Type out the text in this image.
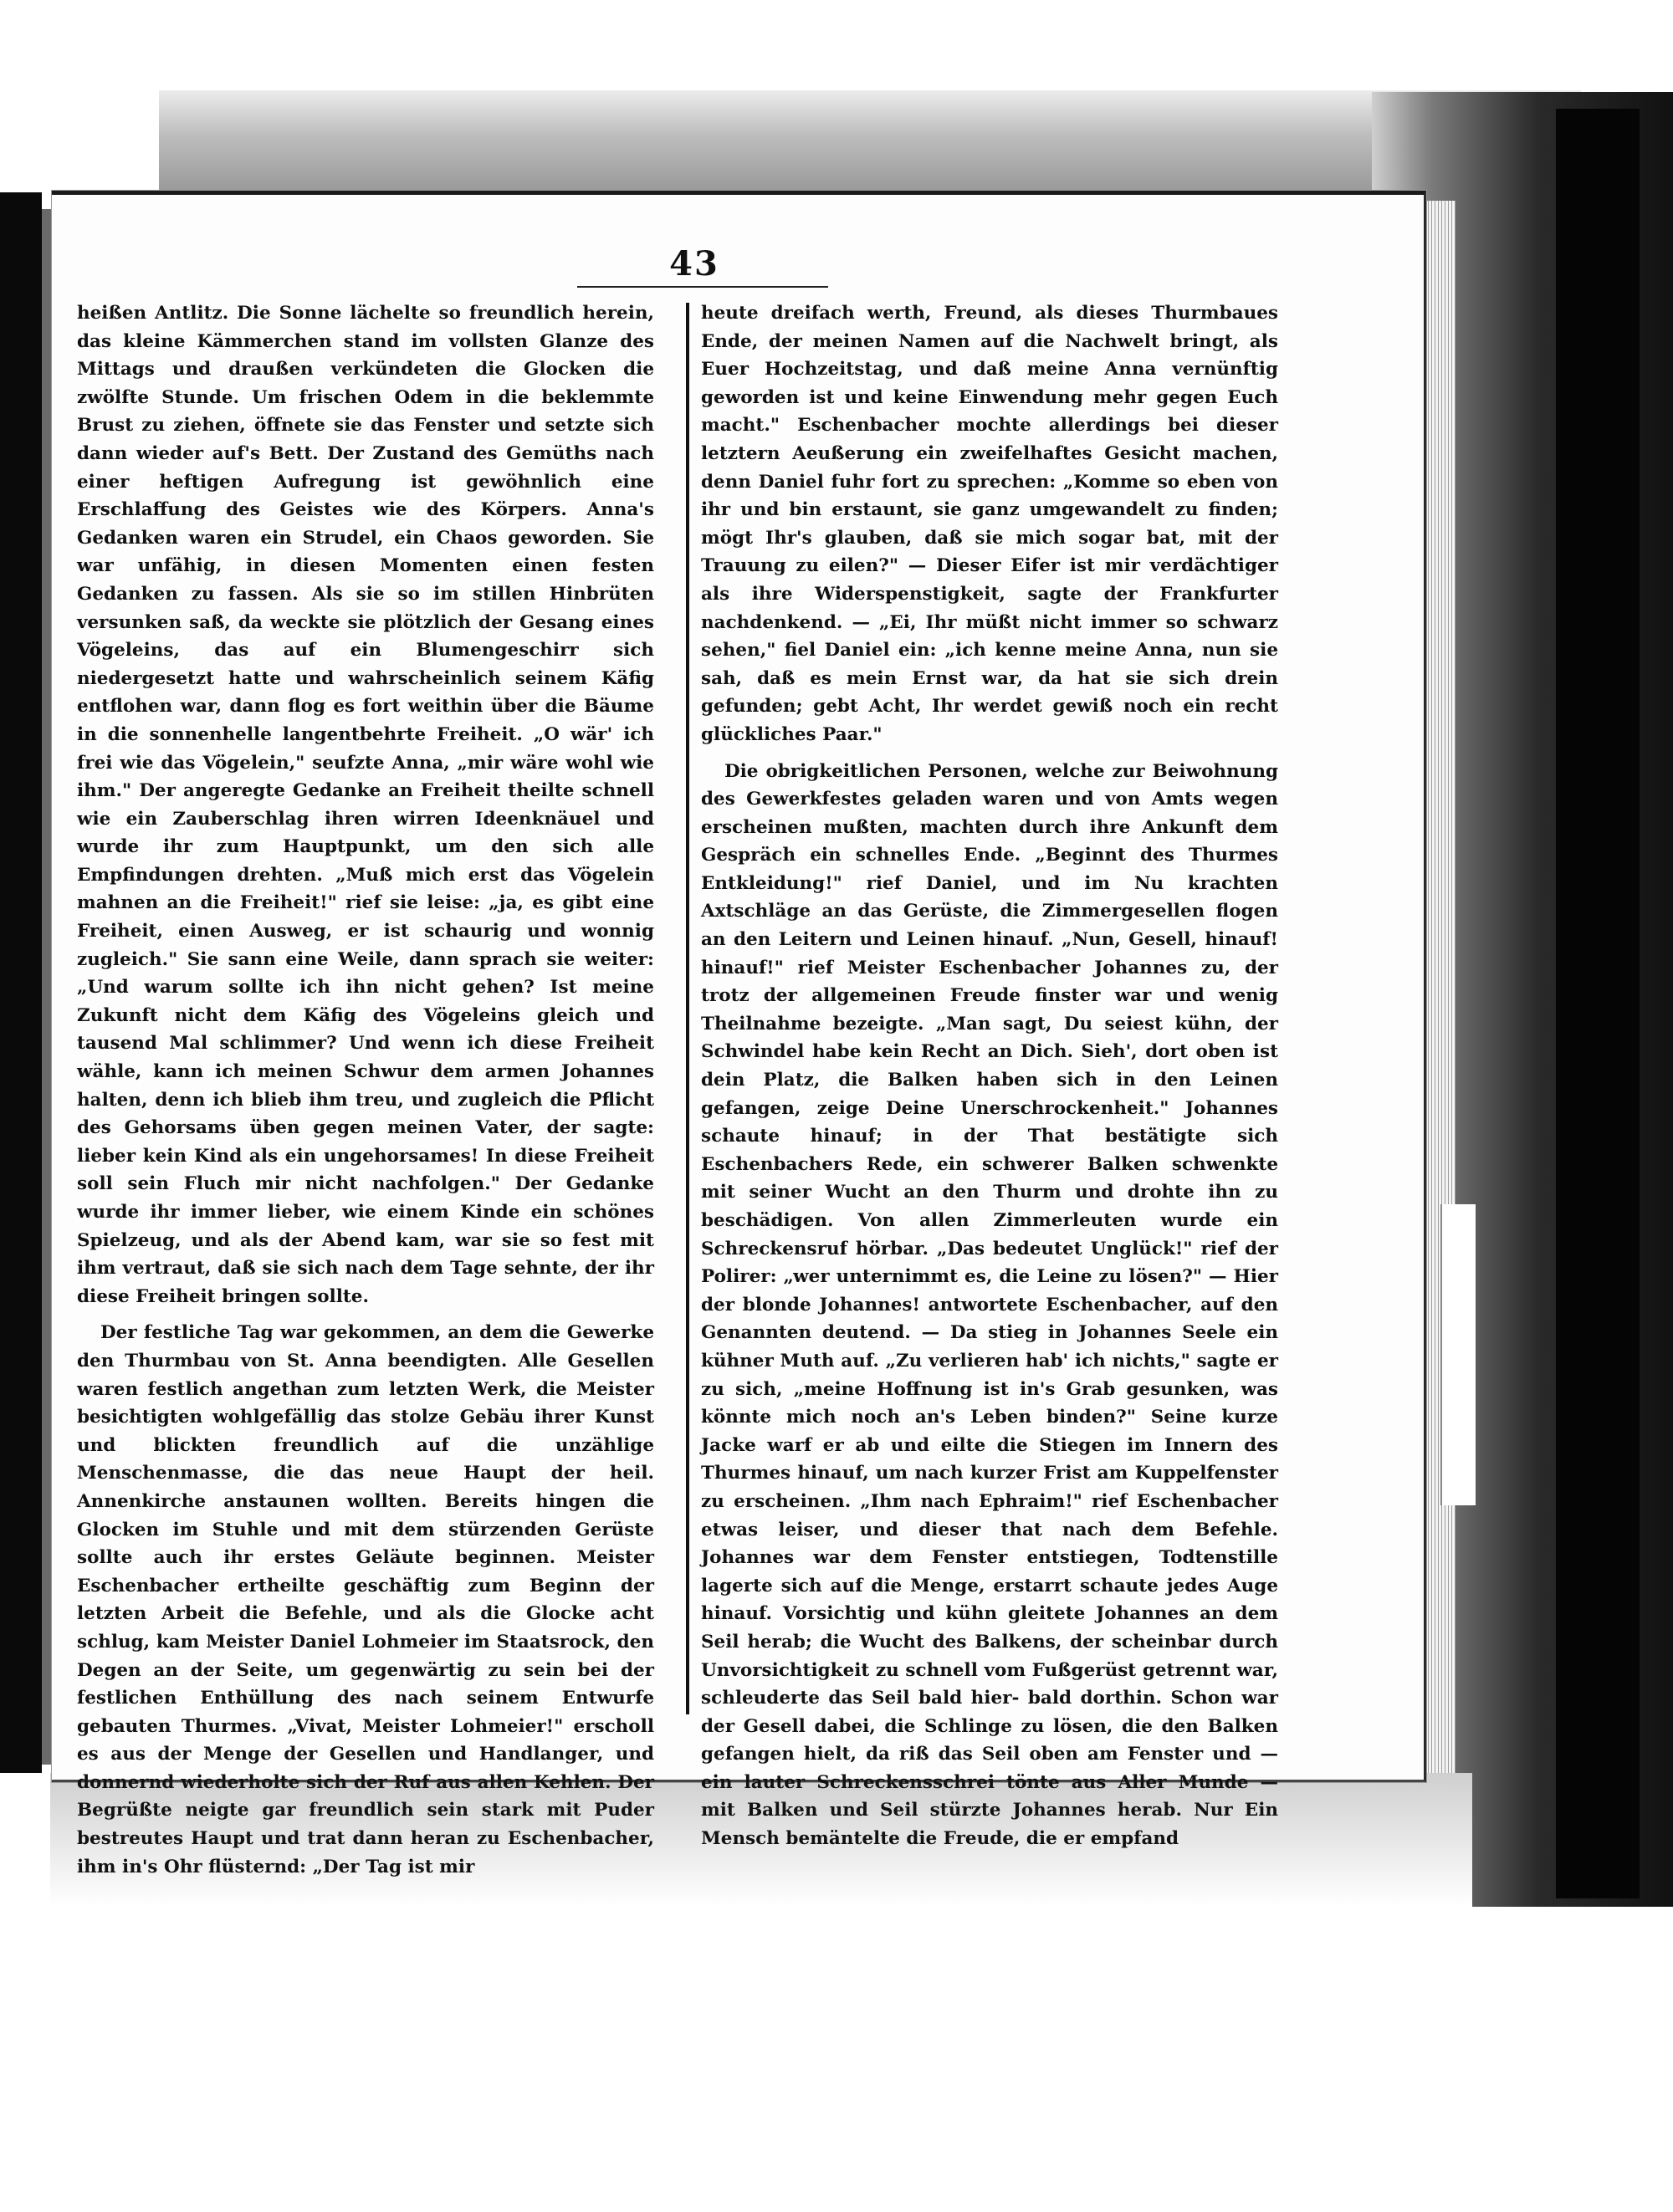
43

heißen Antlitz. Die Sonne lächelte so freundlich herein, das kleine Kämmerchen stand im vollsten Glanze des Mittags und draußen verkündeten die Glocken die zwölfte Stunde. Um frischen Odem in die beklemmte Brust zu ziehen, öffnete sie das Fenster und setzte sich dann wieder auf's Bett. Der Zustand des Gemüths nach einer heftigen Aufregung ist gewöhnlich eine Erschlaffung des Geistes wie des Körpers. Anna's Gedanken waren ein Strudel, ein Chaos geworden. Sie war unfähig, in diesen Momenten einen festen Gedanken zu fassen. Als sie so im stillen Hinbrüten versunken saß, da weckte sie plötzlich der Gesang eines Vögeleins, das auf ein Blumengeschirr sich niedergesetzt hatte und wahrscheinlich seinem Käfig entflohen war, dann flog es fort weithin über die Bäume in die sonnenhelle langentbehrte Freiheit. „O wär' ich frei wie das Vögelein," seufzte Anna, „mir wäre wohl wie ihm." Der angeregte Gedanke an Freiheit theilte schnell wie ein Zauberschlag ihren wirren Ideenknäuel und wurde ihr zum Hauptpunkt, um den sich alle Empfindungen drehten. „Muß mich erst das Vögelein mahnen an die Freiheit!" rief sie leise: „ja, es gibt eine Freiheit, einen Ausweg, er ist schaurig und wonnig zugleich." Sie sann eine Weile, dann sprach sie weiter: „Und warum sollte ich ihn nicht gehen? Ist meine Zukunft nicht dem Käfig des Vögeleins gleich und tausend Mal schlimmer? Und wenn ich diese Freiheit wähle, kann ich meinen Schwur dem armen Johannes halten, denn ich blieb ihm treu, und zugleich die Pflicht des Gehorsams üben gegen meinen Vater, der sagte: lieber kein Kind als ein ungehorsames! In diese Freiheit soll sein Fluch mir nicht nachfolgen." Der Gedanke wurde ihr immer lieber, wie einem Kinde ein schönes Spielzeug, und als der Abend kam, war sie so fest mit ihm vertraut, daß sie sich nach dem Tage sehnte, der ihr diese Freiheit bringen sollte.

Der festliche Tag war gekommen, an dem die Gewerke den Thurmbau von St. Anna beendigten. Alle Gesellen waren festlich angethan zum letzten Werk, die Meister besichtigten wohlgefällig das stolze Gebäu ihrer Kunst und blickten freundlich auf die unzählige Menschenmasse, die das neue Haupt der heil. Annenkirche anstaunen wollten. Bereits hingen die Glocken im Stuhle und mit dem stürzenden Gerüste sollte auch ihr erstes Geläute beginnen. Meister Eschenbacher ertheilte geschäftig zum Beginn der letzten Arbeit die Befehle, und als die Glocke acht schlug, kam Meister Daniel Lohmeier im Staatsrock, den Degen an der Seite, um gegenwärtig zu sein bei der festlichen Enthüllung des nach seinem Entwurfe gebauten Thurmes. „Vivat, Meister Lohmeier!" erscholl es aus der Menge der Gesellen und Handlanger, und donnernd wiederholte sich der Ruf aus allen Kehlen. Der Begrüßte neigte gar freundlich sein stark mit Puder bestreutes Haupt und trat dann heran zu Eschenbacher, ihm in's Ohr flüsternd: „Der Tag ist mir

heute dreifach werth, Freund, als dieses Thurmbaues Ende, der meinen Namen auf die Nachwelt bringt, als Euer Hochzeitstag, und daß meine Anna vernünftig geworden ist und keine Einwendung mehr gegen Euch macht." Eschenbacher mochte allerdings bei dieser letztern Aeußerung ein zweifelhaftes Gesicht machen, denn Daniel fuhr fort zu sprechen: „Komme so eben von ihr und bin erstaunt, sie ganz umgewandelt zu finden; mögt Ihr's glauben, daß sie mich sogar bat, mit der Trauung zu eilen?" — Dieser Eifer ist mir verdächtiger als ihre Widerspenstigkeit, sagte der Frankfurter nachdenkend. — „Ei, Ihr müßt nicht immer so schwarz sehen," fiel Daniel ein: „ich kenne meine Anna, nun sie sah, daß es mein Ernst war, da hat sie sich drein gefunden; gebt Acht, Ihr werdet gewiß noch ein recht glückliches Paar."

Die obrigkeitlichen Personen, welche zur Beiwohnung des Gewerkfestes geladen waren und von Amts wegen erscheinen mußten, machten durch ihre Ankunft dem Gespräch ein schnelles Ende. „Beginnt des Thurmes Entkleidung!" rief Daniel, und im Nu krachten Axtschläge an das Gerüste, die Zimmergesellen flogen an den Leitern und Leinen hinauf. „Nun, Gesell, hinauf! hinauf!" rief Meister Eschenbacher Johannes zu, der trotz der allgemeinen Freude finster war und wenig Theilnahme bezeigte. „Man sagt, Du seiest kühn, der Schwindel habe kein Recht an Dich. Sieh', dort oben ist dein Platz, die Balken haben sich in den Leinen gefangen, zeige Deine Unerschrockenheit." Johannes schaute hinauf; in der That bestätigte sich Eschenbachers Rede, ein schwerer Balken schwenkte mit seiner Wucht an den Thurm und drohte ihn zu beschädigen. Von allen Zimmerleuten wurde ein Schreckensruf hörbar. „Das bedeutet Unglück!" rief der Polirer: „wer unternimmt es, die Leine zu lösen?" — Hier der blonde Johannes! antwortete Eschenbacher, auf den Genannten deutend. — Da stieg in Johannes Seele ein kühner Muth auf. „Zu verlieren hab' ich nichts," sagte er zu sich, „meine Hoffnung ist in's Grab gesunken, was könnte mich noch an's Leben binden?" Seine kurze Jacke warf er ab und eilte die Stiegen im Innern des Thurmes hinauf, um nach kurzer Frist am Kuppelfenster zu erscheinen. „Ihm nach Ephraim!" rief Eschenbacher etwas leiser, und dieser that nach dem Befehle. Johannes war dem Fenster entstiegen, Todtenstille lagerte sich auf die Menge, erstarrt schaute jedes Auge hinauf. Vorsichtig und kühn gleitete Johannes an dem Seil herab; die Wucht des Balkens, der scheinbar durch Unvorsichtigkeit zu schnell vom Fußgerüst getrennt war, schleuderte das Seil bald hier- bald dorthin. Schon war der Gesell dabei, die Schlinge zu lösen, die den Balken gefangen hielt, da riß das Seil oben am Fenster und — ein lauter Schreckensschrei tönte aus Aller Munde — mit Balken und Seil stürzte Johannes herab. Nur Ein Mensch bemäntelte die Freude, die er empfand
